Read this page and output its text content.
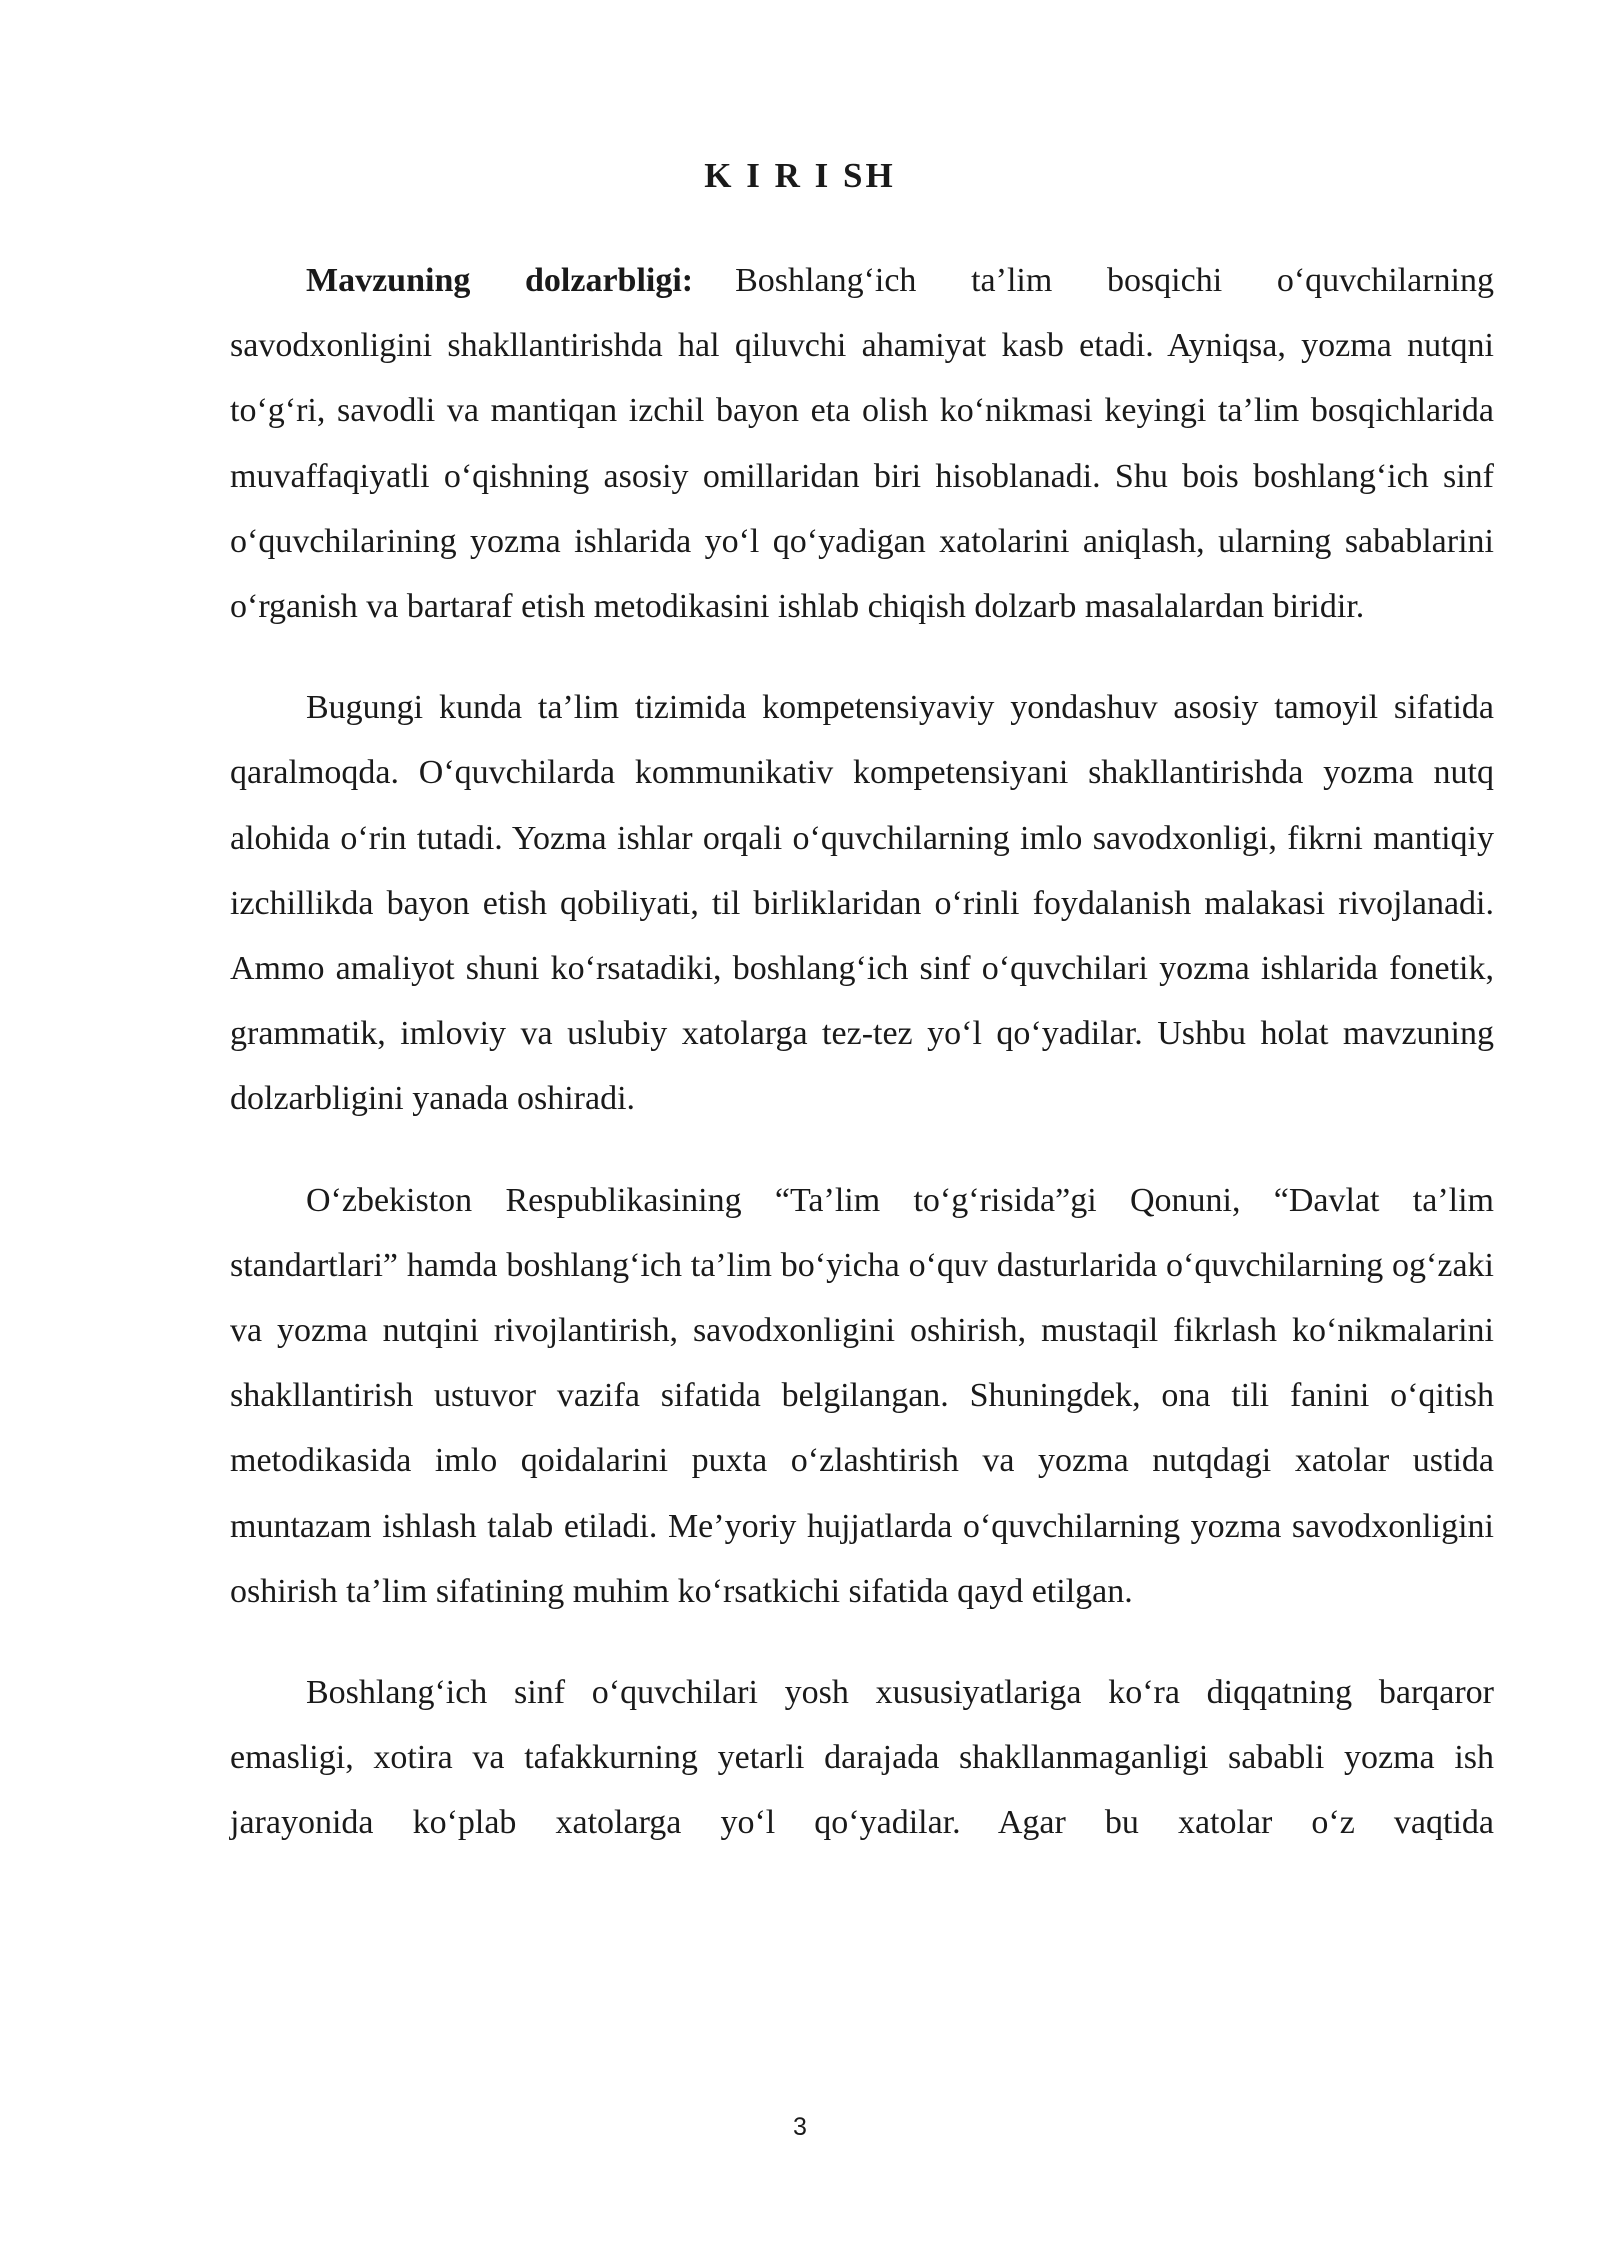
K I R I SH

Mavzuning dolzarbligi: Boshlang‘ich ta’lim bosqichi o‘quvchilarning savodxonligini shakllantirishda hal qiluvchi ahamiyat kasb etadi. Ayniqsa, yozma nutqni to‘g‘ri, savodli va mantiqan izchil bayon eta olish ko‘nikmasi keyingi ta’lim bosqichlarida muvaffaqiyatli o‘qishning asosiy omillaridan biri hisoblanadi. Shu bois boshlang‘ich sinf o‘quvchilarining yozma ishlarida yo‘l qo‘yadigan xatolarini aniqlash, ularning sabablarini o‘rganish va bartaraf etish metodikasini ishlab chiqish dolzarb masalalardan biridir.

Bugungi kunda ta’lim tizimida kompetensiyaviy yondashuv asosiy tamoyil sifatida qaralmoqda. O‘quvchilarda kommunikativ kompetensiyani shakllantirishda yozma nutq alohida o‘rin tutadi. Yozma ishlar orqali o‘quvchilarning imlo savodxonligi, fikrni mantiqiy izchillikda bayon etish qobiliyati, til birliklaridan o‘rinli foydalanish malakasi rivojlanadi. Ammo amaliyot shuni ko‘rsatadiki, boshlang‘ich sinf o‘quvchilari yozma ishlarida fonetik, grammatik, imloviy va uslubiy xatolarga tez-tez yo‘l qo‘yadilar. Ushbu holat mavzuning dolzarbligini yanada oshiradi.

O‘zbekiston Respublikasining “Ta’lim to‘g‘risida”gi Qonuni, “Davlat ta’lim standartlari” hamda boshlang‘ich ta’lim bo‘yicha o‘quv dasturlarida o‘quvchilarning og‘zaki va yozma nutqini rivojlantirish, savodxonligini oshirish, mustaqil fikrlash ko‘nikmalarini shakllantirish ustuvor vazifa sifatida belgilangan. Shuningdek, ona tili fanini o‘qitish metodikasida imlo qoidalarini puxta o‘zlashtirish va yozma nutqdagi xatolar ustida muntazam ishlash talab etiladi. Me’yoriy hujjatlarda o‘quvchilarning yozma savodxonligini oshirish ta’lim sifatining muhim ko‘rsatkichi sifatida qayd etilgan.

Boshlang‘ich sinf o‘quvchilari yosh xususiyatlariga ko‘ra diqqatning barqaror emasligi, xotira va tafakkurning yetarli darajada shakllanmaganligi sababli yozma ish jarayonida ko‘plab xatolarga yo‘l qo‘yadilar. Agar bu xatolar o‘z vaqtida

3
